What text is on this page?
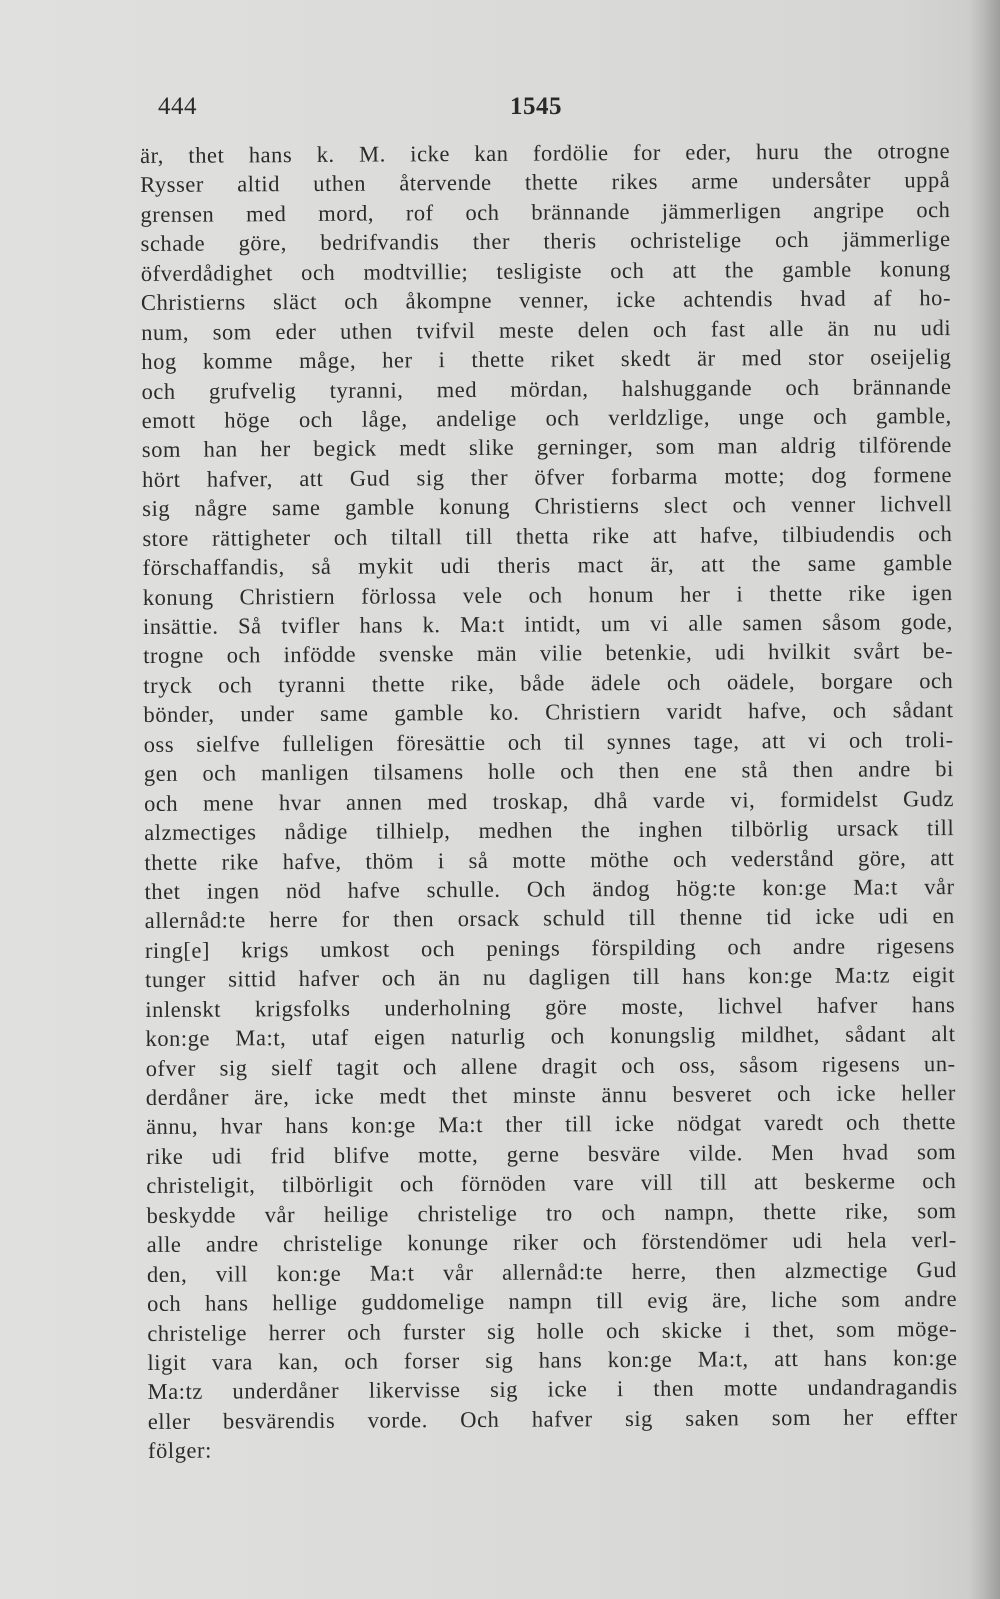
444	1545
är, thet hans k. M. icke kan fordölie for eder, huru the otrogne
Rysser altid uthen återvende thette rikes arme undersåter uppå
grensen med mord, rof och brännande jämmerligen angripe och
schade göre, bedrifvandis ther theris ochristelige och jämmerlige
öfverdådighet och modtvillie; tesligiste och att the gamble konung
Christierns släct och åkompne venner, icke achtendis hvad af ho-
num, som eder uthen tvifvil meste delen och fast alle än nu udi
hog komme måge, her i thette riket skedt är med stor oseijelig
och grufvelig tyranni, med mördan, halshuggande och brännande
emott höge och låge, andelige och verldzlige, unge och gamble,
som han her begick medt slike gerninger, som man aldrig tilförende
hört hafver, att Gud sig ther öfver forbarma motte; dog formene
sig någre same gamble konung Christierns slect och venner lichvell
store rättigheter och tiltall till thetta rike att hafve, tilbiudendis och
förschaffandis, så mykit udi theris mact är, att the same gamble
konung Christiern förlossa vele och honum her i thette rike igen
insättie. Så tvifler hans k. Ma:t intidt, um vi alle samen såsom gode,
trogne och infödde svenske män vilie betenkie, udi hvilkit svårt be-
tryck och tyranni thette rike, både ädele och oädele, borgare och
bönder, under same gamble ko. Christiern varidt hafve, och sådant
oss sielfve fulleligen föresättie och til synnes tage, att vi och troli-
gen och manligen tilsamens holle och then ene stå then andre bi
och mene hvar annen med troskap, dhå varde vi, formidelst Gudz
alzmectiges nådige tilhielp, medhen the inghen tilbörlig ursack till
thette rike hafve, thöm i så motte möthe och vederstånd göre, att
thet ingen nöd hafve schulle. Och ändog hög:te kon:ge Ma:t vår
allernåd:te herre for then orsack schuld till thenne tid icke udi en
ring[e] krigs umkost och penings förspilding och andre rigesens
tunger sittid hafver och än nu dagligen till hans kon:ge Ma:tz eigit
inlenskt krigsfolks underholning göre moste, lichvel hafver hans
kon:ge Ma:t, utaf eigen naturlig och konungslig mildhet, sådant alt
ofver sig sielf tagit och allene dragit och oss, såsom rigesens un-
derdåner äre, icke medt thet minste ännu besveret och icke heller
ännu, hvar hans kon:ge Ma:t ther till icke nödgat varedt och thette
rike udi frid blifve motte, gerne besväre vilde. Men hvad som
christeligit, tilbörligit och förnöden vare vill till att beskerme och
beskydde vår heilige christelige tro och nampn, thette rike, som
alle andre christelige konunge riker och förstendömer udi hela verl-
den, vill kon:ge Ma:t vår allernåd:te herre, then alzmectige Gud
och hans hellige guddomelige nampn till evig äre, liche som andre
christelige herrer och furster sig holle och skicke i thet, som möge-
ligit vara kan, och forser sig hans kon:ge Ma:t, att hans kon:ge
Ma:tz underdåner likervisse sig icke i then motte undandragandis
eller besvärendis vorde. Och hafver sig saken som her effter
fölger:
